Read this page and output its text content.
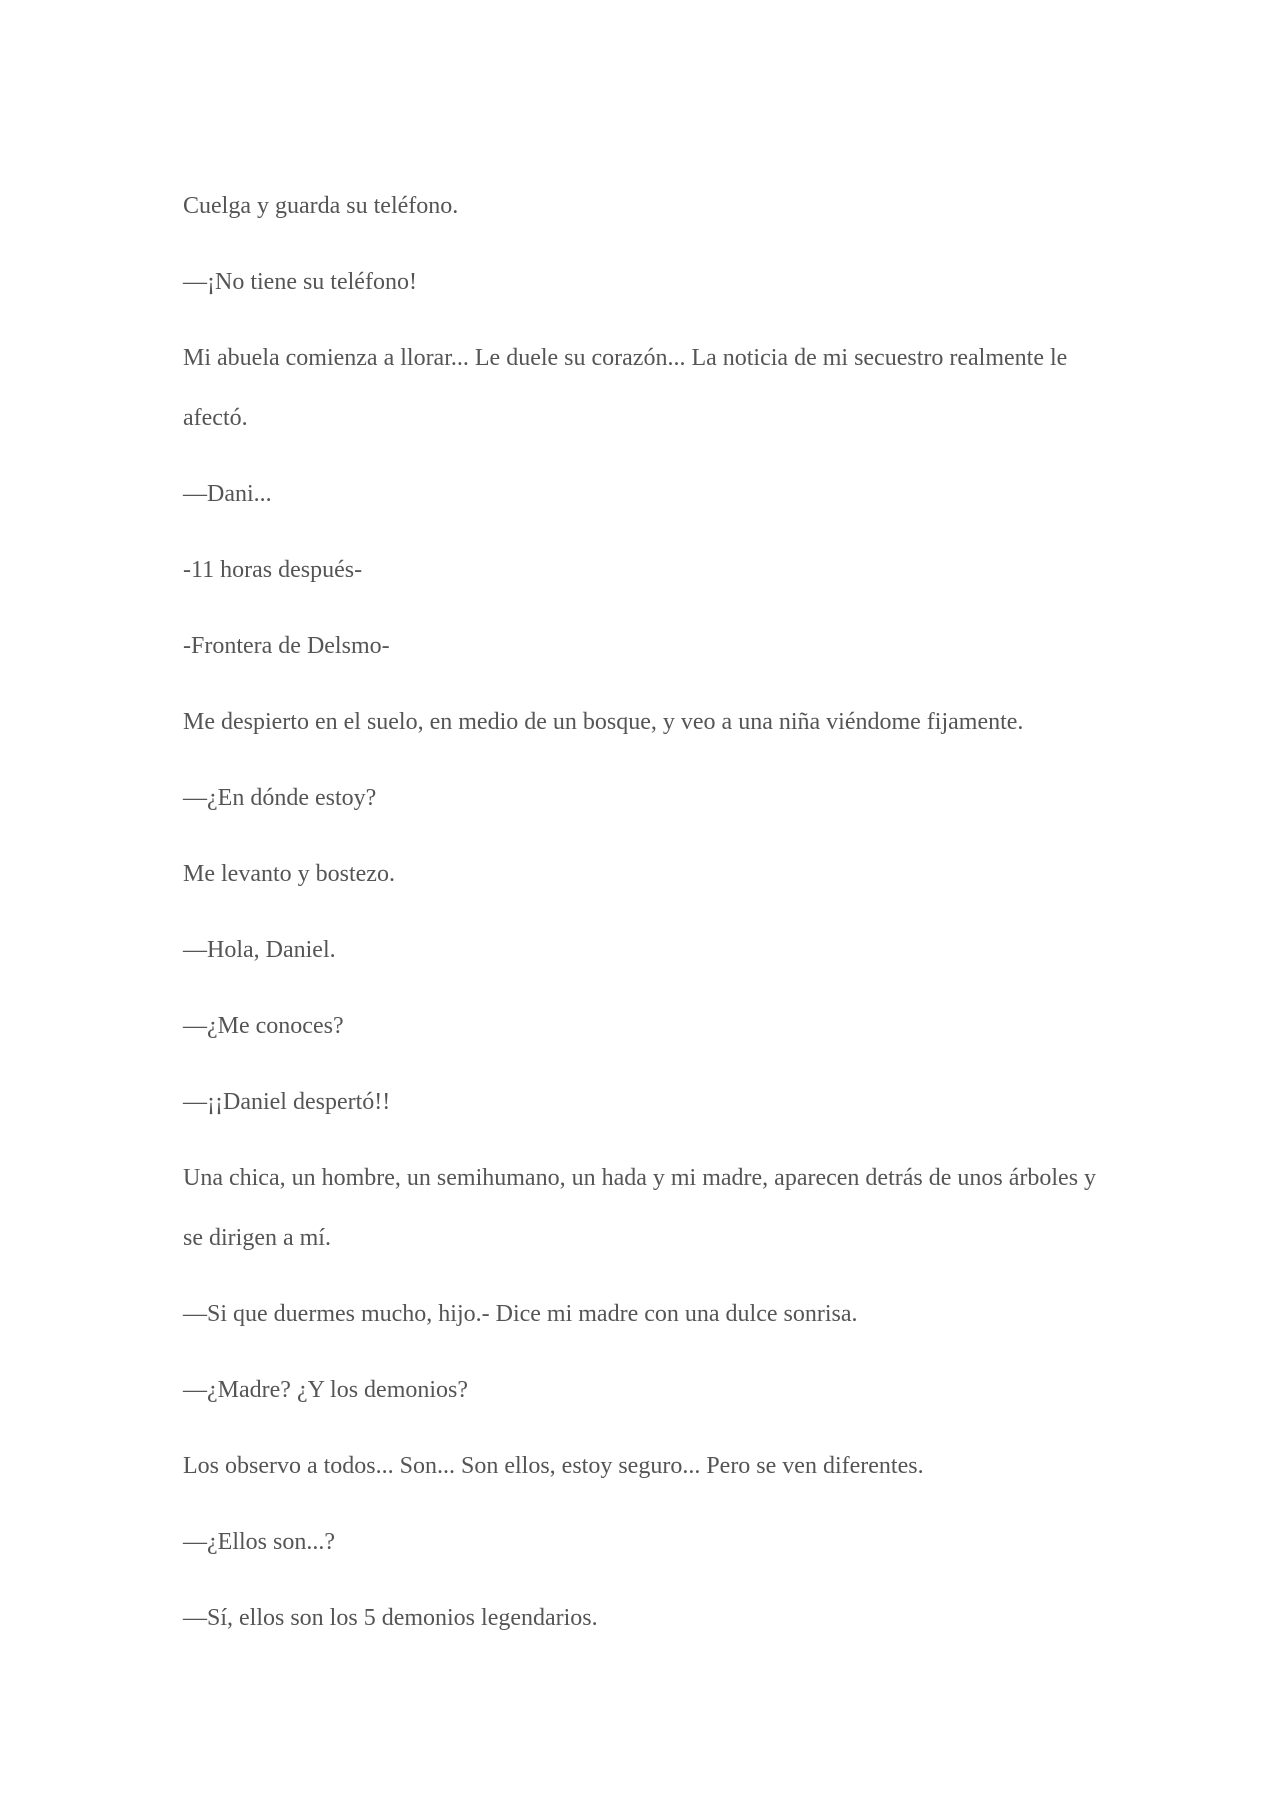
Cuelga y guarda su teléfono.

—¡No tiene su teléfono!

Mi abuela comienza a llorar... Le duele su corazón... La noticia de mi secuestro realmente le afectó.

—Dani...

-11 horas después-

-Frontera de Delsmo-

Me despierto en el suelo, en medio de un bosque, y veo a una niña viéndome fijamente.

—¿En dónde estoy?

Me levanto y bostezo.

—Hola, Daniel.

—¿Me conoces?

—¡¡Daniel despertó!!

Una chica, un hombre, un semihumano, un hada y mi madre, aparecen detrás de unos árboles y se dirigen a mí.

—Si que duermes mucho, hijo.- Dice mi madre con una dulce sonrisa.

—¿Madre? ¿Y los demonios?

Los observo a todos... Son... Son ellos, estoy seguro... Pero se ven diferentes.

—¿Ellos son...?

—Sí, ellos son los 5 demonios legendarios.
